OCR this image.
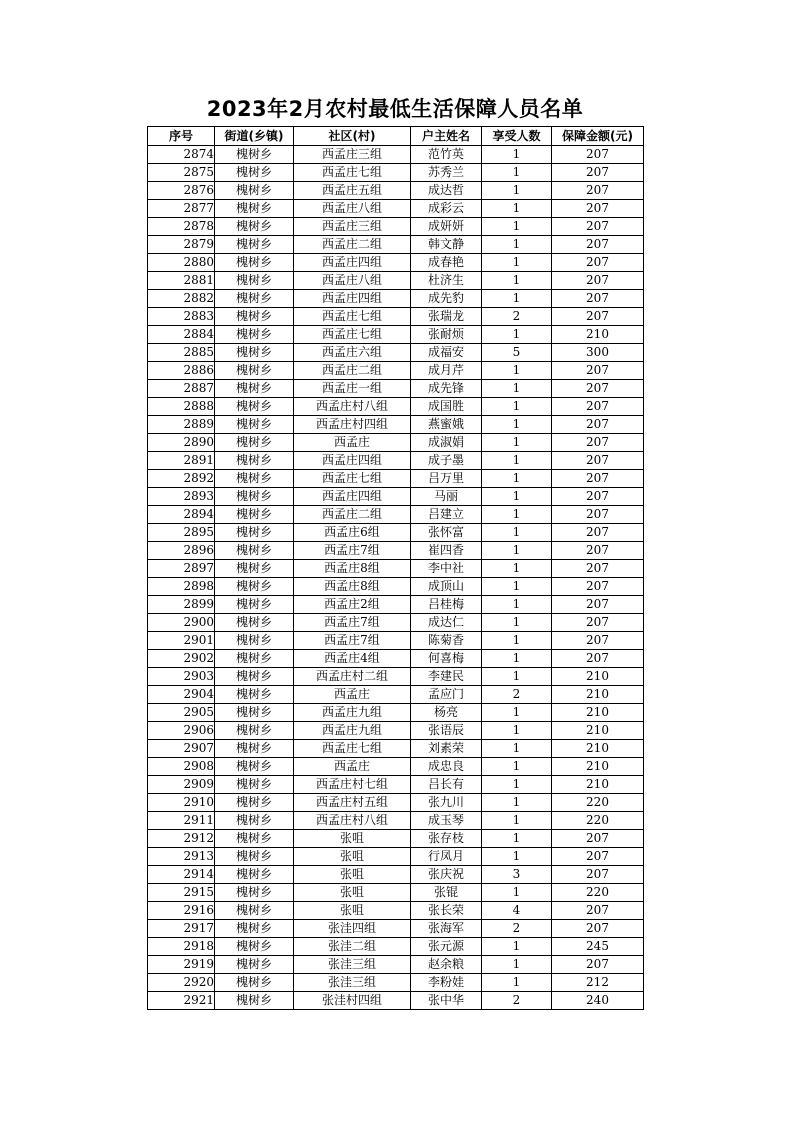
2023年2月农村最低生活保障人员名单
序号	街道(乡镇)	社区(村)	户主姓名	享受人数	保障金额(元)
2874	槐树乡	西孟庄三组	范竹英	1	207
2875	槐树乡	西孟庄七组	苏秀兰	1	207
2876	槐树乡	西孟庄五组	成达哲	1	207
2877	槐树乡	西孟庄八组	成彩云	1	207
2878	槐树乡	西孟庄三组	成妍妍	1	207
2879	槐树乡	西孟庄二组	韩文静	1	207
2880	槐树乡	西孟庄四组	成春艳	1	207
2881	槐树乡	西孟庄八组	杜济生	1	207
2882	槐树乡	西孟庄四组	成先豹	1	207
2883	槐树乡	西孟庄七组	张瑞龙	2	207
2884	槐树乡	西孟庄七组	张耐烦	1	210
2885	槐树乡	西孟庄六组	成福安	5	300
2886	槐树乡	西孟庄二组	成月芹	1	207
2887	槐树乡	西孟庄一组	成先锋	1	207
2888	槐树乡	西孟庄村八组	成国胜	1	207
2889	槐树乡	西孟庄村四组	燕蜜娥	1	207
2890	槐树乡	西孟庄	成淑娟	1	207
2891	槐树乡	西孟庄四组	成子墨	1	207
2892	槐树乡	西孟庄七组	吕万里	1	207
2893	槐树乡	西孟庄四组	马丽	1	207
2894	槐树乡	西孟庄二组	吕建立	1	207
2895	槐树乡	西孟庄6组	张怀富	1	207
2896	槐树乡	西孟庄7组	崔四香	1	207
2897	槐树乡	西孟庄8组	李中社	1	207
2898	槐树乡	西孟庄8组	成顶山	1	207
2899	槐树乡	西孟庄2组	吕桂梅	1	207
2900	槐树乡	西孟庄7组	成达仁	1	207
2901	槐树乡	西孟庄7组	陈菊香	1	207
2902	槐树乡	西孟庄4组	何喜梅	1	207
2903	槐树乡	西孟庄村二组	李建民	1	210
2904	槐树乡	西孟庄	孟应门	2	210
2905	槐树乡	西孟庄九组	杨亮	1	210
2906	槐树乡	西孟庄九组	张语辰	1	210
2907	槐树乡	西孟庄七组	刘素荣	1	210
2908	槐树乡	西孟庄	成忠良	1	210
2909	槐树乡	西孟庄村七组	吕长有	1	210
2910	槐树乡	西孟庄村五组	张九川	1	220
2911	槐树乡	西孟庄村八组	成玉琴	1	220
2912	槐树乡	张咀	张存枝	1	207
2913	槐树乡	张咀	行凤月	1	207
2914	槐树乡	张咀	张庆祝	3	207
2915	槐树乡	张咀	张锟	1	220
2916	槐树乡	张咀	张长荣	4	207
2917	槐树乡	张洼四组	张海军	2	207
2918	槐树乡	张洼二组	张元源	1	245
2919	槐树乡	张洼三组	赵余粮	1	207
2920	槐树乡	张洼三组	李粉娃	1	212
2921	槐树乡	张洼村四组	张中华	2	240
